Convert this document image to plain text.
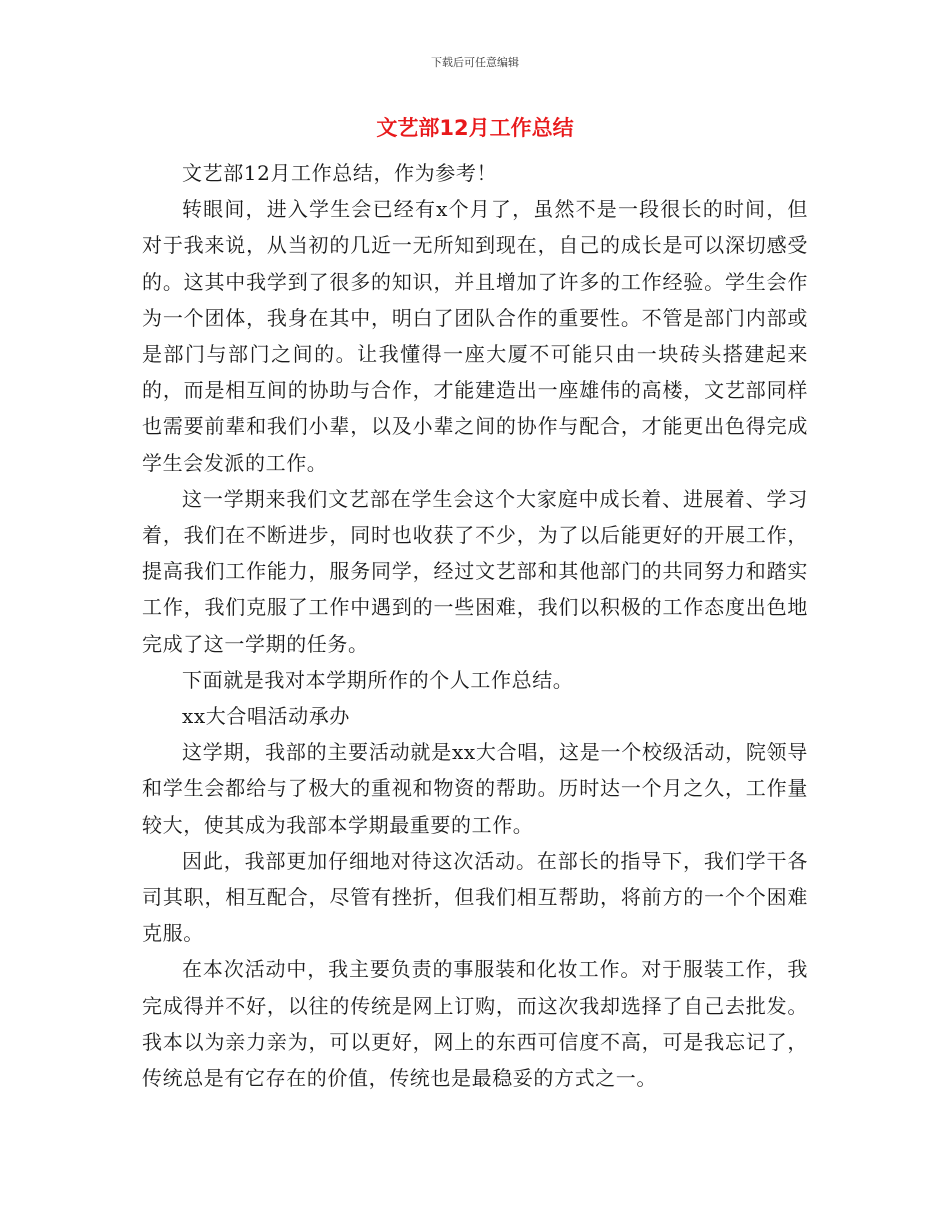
下载后可任意编辑
文艺部12月工作总结

文艺部12月工作总结，作为参考！

转眼间，进入学生会已经有x个月了，虽然不是一段很长的时间，但对于我来说，从当初的几近一无所知到现在，自己的成长是可以深切感受的。这其中我学到了很多的知识，并且增加了许多的工作经验。学生会作为一个团体，我身在其中，明白了团队合作的重要性。不管是部门内部或是部门与部门之间的。让我懂得一座大厦不可能只由一块砖头搭建起来的，而是相互间的协助与合作，才能建造出一座雄伟的高楼，文艺部同样也需要前辈和我们小辈，以及小辈之间的协作与配合，才能更出色得完成学生会发派的工作。

这一学期来我们文艺部在学生会这个大家庭中成长着、进展着、学习着，我们在不断进步，同时也收获了不少，为了以后能更好的开展工作，提高我们工作能力，服务同学，经过文艺部和其他部门的共同努力和踏实工作，我们克服了工作中遇到的一些困难，我们以积极的工作态度出色地完成了这一学期的任务。

下面就是我对本学期所作的个人工作总结。

xx大合唱活动承办

这学期，我部的主要活动就是xx大合唱，这是一个校级活动，院领导和学生会都给与了极大的重视和物资的帮助。历时达一个月之久，工作量较大，使其成为我部本学期最重要的工作。

因此，我部更加仔细地对待这次活动。在部长的指导下，我们学干各司其职，相互配合，尽管有挫折，但我们相互帮助，将前方的一个个困难克服。

在本次活动中，我主要负责的事服装和化妆工作。对于服装工作，我完成得并不好，以往的传统是网上订购，而这次我却选择了自己去批发。我本以为亲力亲为，可以更好，网上的东西可信度不高，可是我忘记了，传统总是有它存在的价值，传统也是最稳妥的方式之一。
